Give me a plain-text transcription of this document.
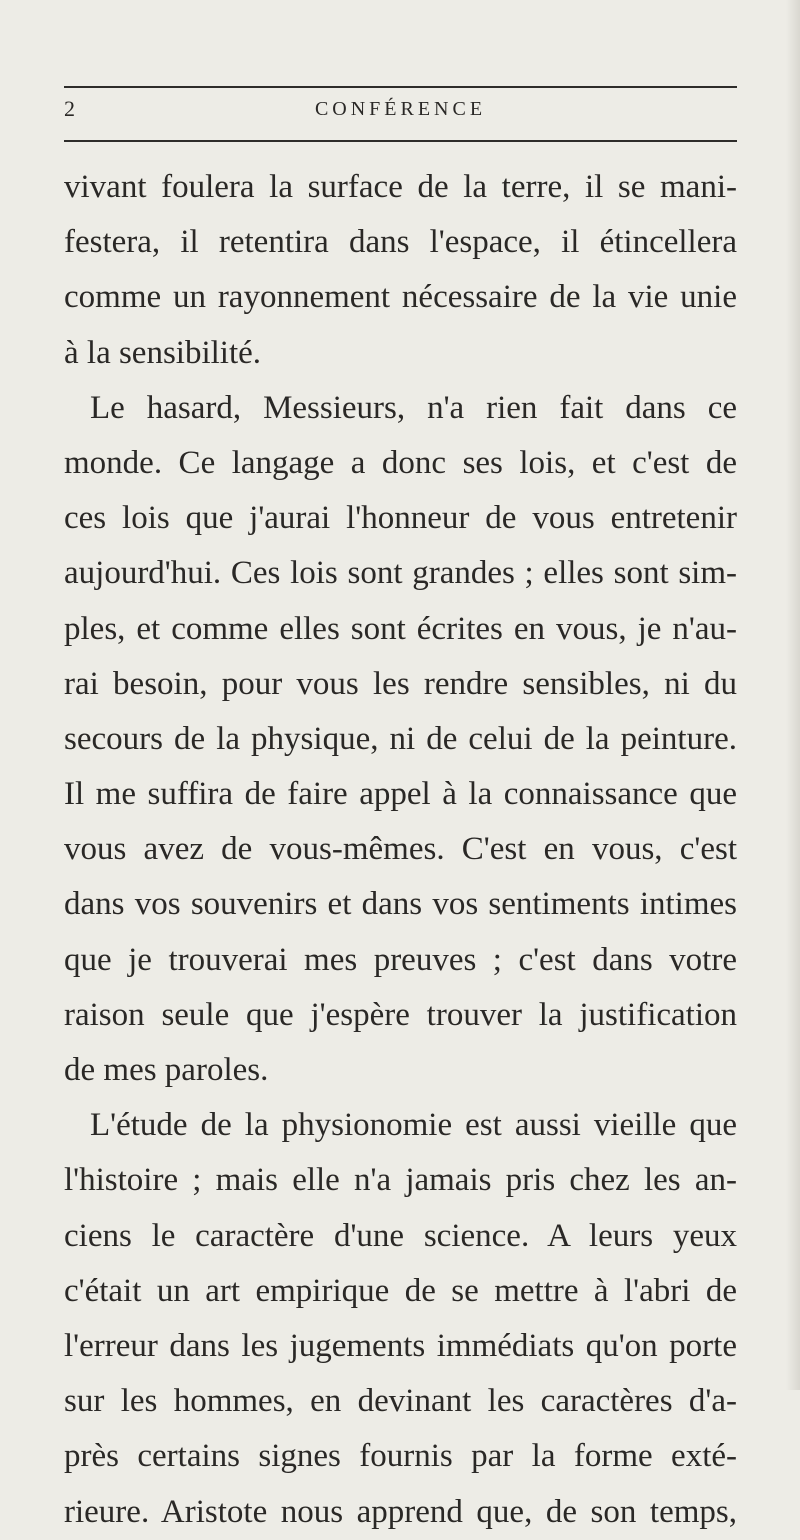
2	CONFÉRENCE
vivant foulera la surface de la terre, il se mani-
festera, il retentira dans l'espace, il étincellera
comme un rayonnement nécessaire de la vie unie
à la sensibilité.
Le hasard, Messieurs, n'a rien fait dans ce
monde. Ce langage a donc ses lois, et c'est de
ces lois que j'aurai l'honneur de vous entretenir
aujourd'hui. Ces lois sont grandes ; elles sont sim-
ples, et comme elles sont écrites en vous, je n'au-
rai besoin, pour vous les rendre sensibles, ni du
secours de la physique, ni de celui de la peinture.
Il me suffira de faire appel à la connaissance que
vous avez de vous-mêmes. C'est en vous, c'est
dans vos souvenirs et dans vos sentiments intimes
que je trouverai mes preuves ; c'est dans votre
raison seule que j'espère trouver la justification
de mes paroles.
L'étude de la physionomie est aussi vieille que
l'histoire ; mais elle n'a jamais pris chez les an-
ciens le caractère d'une science. A leurs yeux
c'était un art empirique de se mettre à l'abri de
l'erreur dans les jugements immédiats qu'on porte
sur les hommes, en devinant les caractères d'a-
près certains signes fournis par la forme exté-
rieure. Aristote nous apprend que, de son temps,
